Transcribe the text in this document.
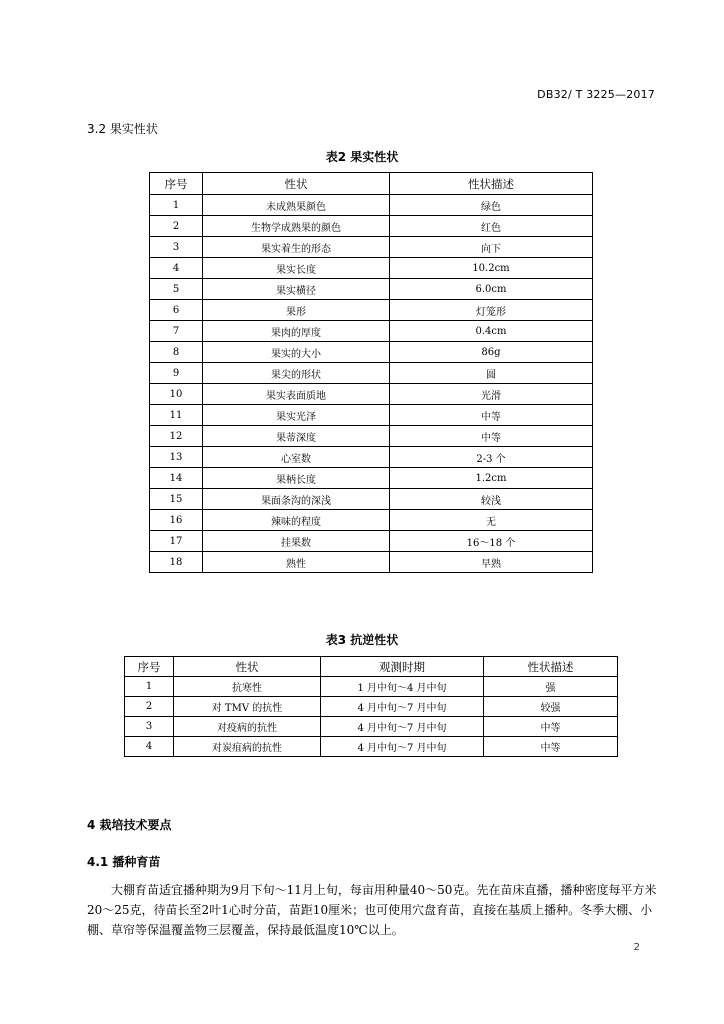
DB32/ T 3225—2017
3.2 果实性状
表2 果实性状
序号	性状	性状描述
1	未成熟果颜色	绿色
2	生物学成熟果的颜色	红色
3	果实着生的形态	向下
4	果实长度	10.2cm
5	果实横径	6.0cm
6	果形	灯笼形
7	果肉的厚度	0.4cm
8	果实的大小	86g
9	果尖的形状	圆
10	果实表面质地	光滑
11	果实光泽	中等
12	果蒂深度	中等
13	心室数	2-3 个
14	果柄长度	1.2cm
15	果面条沟的深浅	较浅
16	辣味的程度	无
17	挂果数	16～18 个
18	熟性	早熟
表3 抗逆性状
序号	性状	观测时期	性状描述
1	抗寒性	1 月中旬～4 月中旬	强
2	对 TMV 的抗性	4 月中旬～7 月中旬	较强
3	对疫病的抗性	4 月中旬～7 月中旬	中等
4	对炭疽病的抗性	4 月中旬～7 月中旬	中等
4 栽培技术要点
4.1 播种育苗
大棚育苗适宜播种期为9月下旬～11月上旬，每亩用种量40～50克。先在苗床直播，播种密度每平方米20～25克，待苗长至2叶1心时分苗，苗距10厘米；也可使用穴盘育苗，直接在基质上播种。冬季大棚、小棚、草帘等保温覆盖物三层覆盖，保持最低温度10℃以上。
2
